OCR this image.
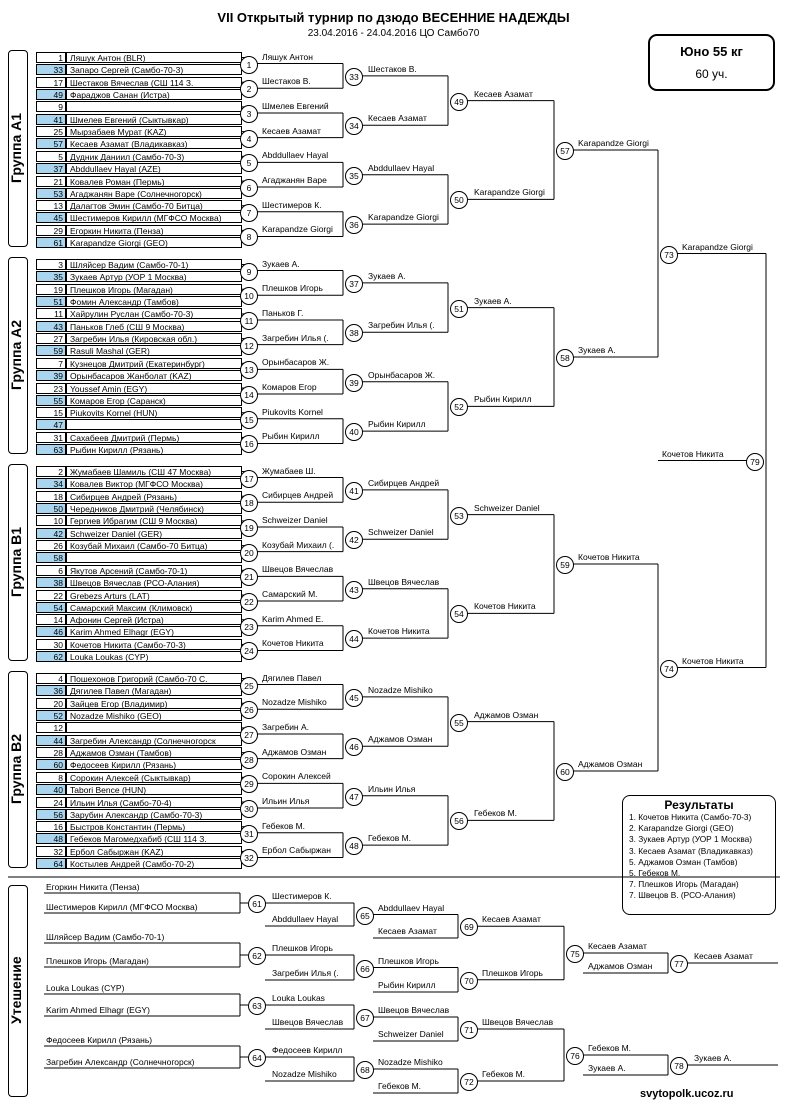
VII Открытый турнир по дзюдо ВЕСЕННИЕ НАДЕЖДЫ
23.04.2016 - 24.04.2016 ЦО Самбо70
Юно 55 кг
60 уч.
Группа A1
Группа A2
Группа B1
Группа B2
Утешение
1 Ляшук Антон (BLR)
33 Запаро Сергей (Самбо-70-3)
17 Шестаков Вячеслав (СШ 114 З.
49 Фараджов Санан (Истра)
9
41 Шмелев Евгений (Сыктывкар)
25 Мырзабаев Мурат (KAZ)
57 Кесаев Азамат (Владикавказ)
5 Дудник Даниил (Самбо-70-3)
37 Abddullaev Hayal (AZE)
21 Ковалев Роман (Пермь)
53 Агаджанян Варе (Солнечногорск)
13 Далагтов Эмин (Самбо-70 Битца)
45 Шестимеров Кирилл (МГФСО Москва)
29 Егоркин Никита (Пенза)
61 Karapandze Giorgi (GEO)
3 Шляйсер Вадим (Самбо-70-1)
35 Зукаев Артур (УОР 1 Москва)
19 Плешков Игорь (Магадан)
51 Фомин Александр (Тамбов)
11 Хайрулин Руслан (Самбо-70-3)
43 Паньков Глеб (СШ 9 Москва)
27 Загребин Илья (Кировская обл.)
59 Rasuli Mashal (GER)
7 Кузнецов Дмитрий (Екатеринбург)
39 Орынбасаров Жанболат (KAZ)
23 Youssef Amin (EGY)
55 Комаров Егор (Саранск)
15 Piukovits Kornel (HUN)
47
31 Сахабеев Дмитрий (Пермь)
63 Рыбин Кирилл (Рязань)
2 Жумабаев Шамиль (СШ 47 Москва)
34 Ковалев Виктор (МГФСО Москва)
18 Сибирцев Андрей (Рязань)
50 Чередников Дмитрий (Челябинск)
10 Гергиев Ибрагим (СШ 9 Москва)
42 Schweizer Daniel (GER)
26 Козубай Михаил (Самбо-70 Битца)
58
6 Якутов Арсений (Самбо-70-1)
38 Швецов Вячеслав (РСО-Алания)
22 Grebezs Arturs (LAT)
54 Самарский Максим (Климовск)
14 Афонин Сергей (Истра)
46 Karim Ahmed Elhagr (EGY)
30 Кочетов Никита (Самбо-70-3)
62 Louka Loukas (CYP)
4 Пошехонов Григорий (Самбо-70 С.
36 Дягилев Павел (Магадан)
20 Зайцев Егор (Владимир)
52 Nozadze Mishiko (GEO)
12
44 Загребин Александр (Солнечногорск
28 Аджамов Озман (Тамбов)
60 Федосеев Кирилл (Рязань)
8 Сорокин Алексей (Сыктывкар)
40 Tabori Bence (HUN)
24 Ильин Илья (Самбо-70-4)
56 Зарубин Александр (Самбо-70-3)
16 Быстров Константин (Пермь)
48 Гебеков Магомедхабиб (СШ 114 З.
32 Ербол Сабыржан (KAZ)
64 Костылев Андрей (Самбо-70-2)
1
Ляшук Антон
2
Шестаков В.
3
Шмелев Евгений
4
Кесаев Азамат
5
Abddullaev Hayal
6
Агаджанян Варе
7
Шестимеров К.
8
Karapandze Giorgi
9
Зукаев А.
10
Плешков Игорь
11
Паньков Г.
12
Загребин Илья (.
13
Орынбасаров Ж.
14
Комаров Егор
15
Piukovits Kornel
16
Рыбин Кирилл
17
Жумабаев Ш.
18
Сибирцев Андрей
19
Schweizer Daniel
20
Козубай Михаил (.
21
Швецов Вячеслав
22
Самарский М.
23
Karim Ahmed E.
24
Кочетов Никита
25
Дягилев Павел
26
Nozadze Mishiko
27
Загребин А.
28
Аджамов Озман
29
Сорокин Алексей
30
Ильин Илья
31
Гебеков М.
32
Ербол Сабыржан
33
Шестаков В.
34
Кесаев Азамат
35
Abddullaev Hayal
36
Karapandze Giorgi
37
Зукаев А.
38
Загребин Илья (.
39
Орынбасаров Ж.
40
Рыбин Кирилл
41
Сибирцев Андрей
42
Schweizer Daniel
43
Швецов Вячеслав
44
Кочетов Никита
45
Nozadze Mishiko
46
Аджамов Озман
47
Ильин Илья
48
Гебеков М.
49
Кесаев Азамат
50
Karapandze Giorgi
51
Зукаев А.
52
Рыбин Кирилл
53
Schweizer Daniel
54
Кочетов Никита
55
Аджамов Озман
56
Гебеков М.
57
Karapandze Giorgi
58
Зукаев А.
59
Кочетов Никита
60
Аджамов Озман
73
Karapandze Giorgi
74
Кочетов Никита
79
Кочетов Никита
Егоркин Никита (Пенза)
Шестимеров Кирилл (МГФСО Москва)	61
Шестимеров К.
Abddullaev Hayal	65
Abddullaev Hayal
Кесаев Азамат	69
Кесаев Азамат
Шляйсер Вадим (Самбо-70-1)
Плешков Игорь (Магадан)	62
Плешков Игорь
Загребин Илья (.	66
Плешков Игорь
Рыбин Кирилл	70
Плешков Игорь
Louka Loukas (CYP)
Karim Ahmed Elhagr (EGY)	63
Louka Loukas
Швецов Вячеслав	67
Швецов Вячеслав
Schweizer Daniel	71
Швецов Вячеслав
Федосеев Кирилл (Рязань)
Загребин Александр (Солнечногорск)	64
Федосеев Кирилл
Nozadze Mishiko	68
Nozadze Mishiko
Гебеков М.	72
Гебеков М.
75
Кесаев Азамат
Аджамов Озман	77
Кесаев Азамат
76
Гебеков М.
Зукаев А.	78
Зукаев А.
Результаты
1. Кочетов Никита (Самбо-70-3)
2. Karapandze Giorgi (GEO)
3. Зукаев Артур (УОР 1 Москва)
3. Кесаев Азамат (Владикавказ)
5. Аджамов Озман (Тамбов)
5. Гебеков М.
7. Плешков Игорь (Магадан)
7. Швецов В. (РСО-Алания)
svytopolk.ucoz.ru
